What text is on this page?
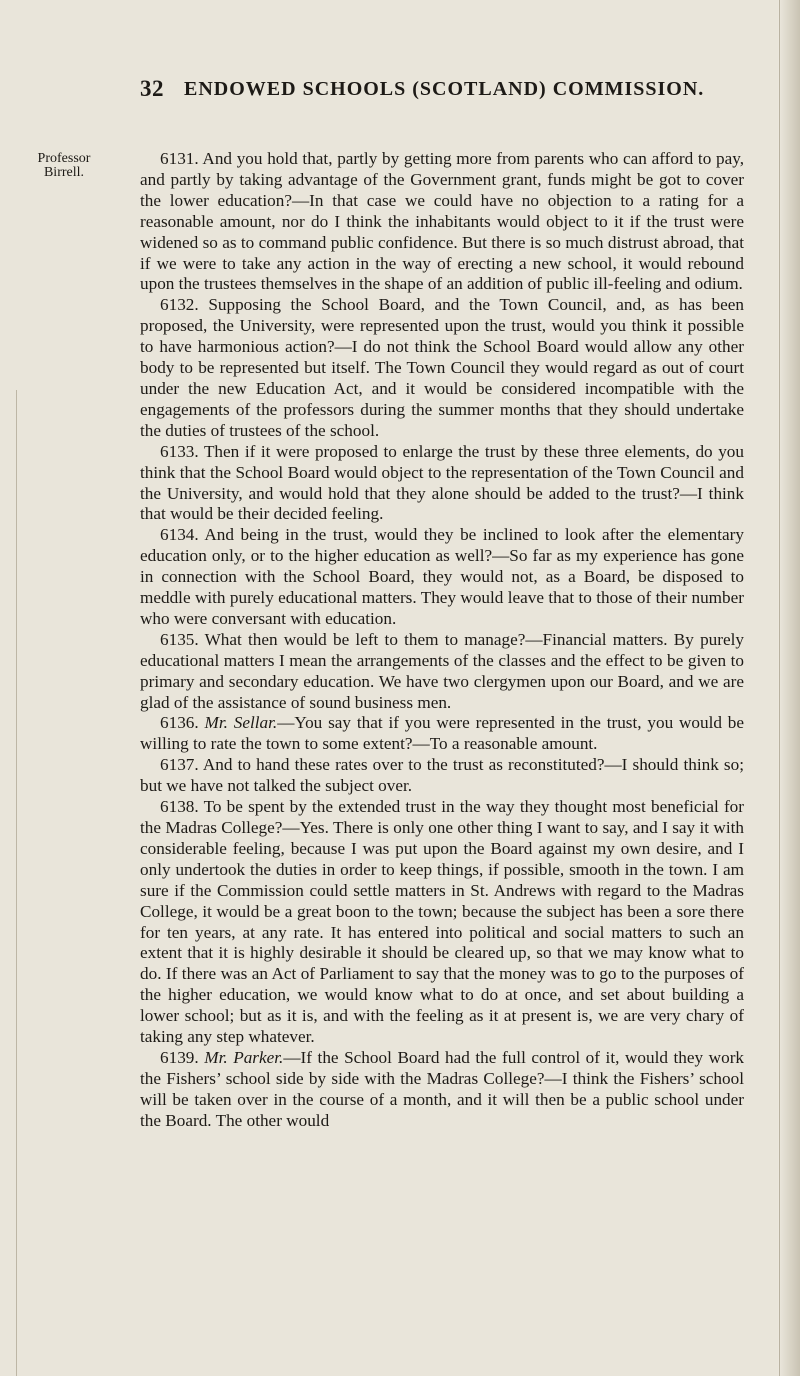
32 ENDOWED SCHOOLS (SCOTLAND) COMMISSION.
Professor
Birrell.

6131. And you hold that, partly by getting more from parents who can afford to pay, and partly by taking advantage of the Government grant, funds might be got to cover the lower education?—In that case we could have no objection to a rating for a reasonable amount, nor do I think the inhabitants would object to it if the trust were widened so as to command public confidence. But there is so much distrust abroad, that if we were to take any action in the way of erecting a new school, it would rebound upon the trustees themselves in the shape of an addition of public ill-feeling and odium.

6132. Supposing the School Board, and the Town Council, and, as has been proposed, the University, were represented upon the trust, would you think it possible to have harmonious action?—I do not think the School Board would allow any other body to be represented but itself. The Town Council they would regard as out of court under the new Education Act, and it would be considered incompatible with the engagements of the professors during the summer months that they should undertake the duties of trustees of the school.

6133. Then if it were proposed to enlarge the trust by these three elements, do you think that the School Board would object to the representation of the Town Council and the University, and would hold that they alone should be added to the trust?—I think that would be their decided feeling.

6134. And being in the trust, would they be inclined to look after the elementary education only, or to the higher education as well?—So far as my experience has gone in connection with the School Board, they would not, as a Board, be disposed to meddle with purely educational matters. They would leave that to those of their number who were conversant with education.

6135. What then would be left to them to manage?—Financial matters. By purely educational matters I mean the arrangements of the classes and the effect to be given to primary and secondary education. We have two clergymen upon our Board, and we are glad of the assistance of sound business men.

6136. Mr. Sellar.—You say that if you were represented in the trust, you would be willing to rate the town to some extent?—To a reasonable amount.

6137. And to hand these rates over to the trust as reconstituted?—I should think so; but we have not talked the subject over.

6138. To be spent by the extended trust in the way they thought most beneficial for the Madras College?—Yes. There is only one other thing I want to say, and I say it with considerable feeling, because I was put upon the Board against my own desire, and I only undertook the duties in order to keep things, if possible, smooth in the town. I am sure if the Commission could settle matters in St. Andrews with regard to the Madras College, it would be a great boon to the town; because the subject has been a sore there for ten years, at any rate. It has entered into political and social matters to such an extent that it is highly desirable it should be cleared up, so that we may know what to do. If there was an Act of Parliament to say that the money was to go to the purposes of the higher education, we would know what to do at once, and set about building a lower school; but as it is, and with the feeling as it at present is, we are very chary of taking any step whatever.

6139. Mr. Parker.—If the School Board had the full control of it, would they work the Fishers’ school side by side with the Madras College?—I think the Fishers’ school will be taken over in the course of a month, and it will then be a public school under the Board. The other would
